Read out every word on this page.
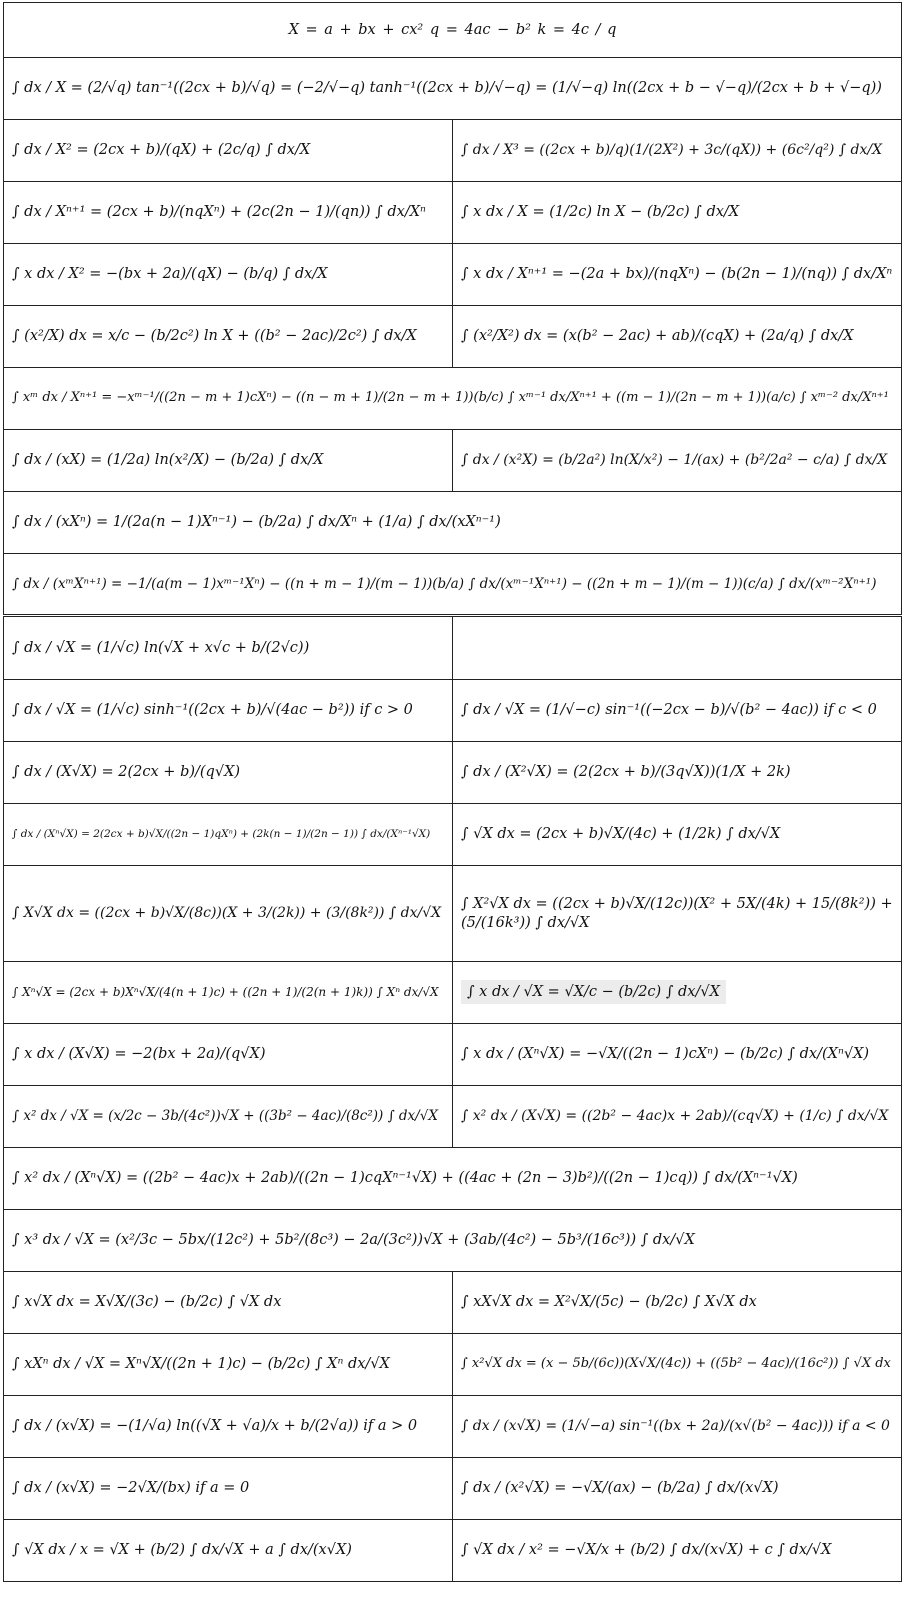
X = a + bx + cx² q = 4ac − b² k = 4c / q	
∫ dx / X = (2/√q) tan⁻¹((2cx + b)/√q) = (−2/√−q) tanh⁻¹((2cx + b)/√−q) = (1/√−q) ln((2cx + b − √−q)/(2cx + b + √−q))	
∫ dx / X² = (2cx + b)/(qX) + (2c/q) ∫ dx/X	∫ dx / X³ = ((2cx + b)/q)(1/(2X²) + 3c/(qX)) + (6c²/q²) ∫ dx/X
∫ dx / Xⁿ⁺¹ = (2cx + b)/(nqXⁿ) + (2c(2n − 1)/(qn)) ∫ dx/Xⁿ	∫ x dx / X = (1/2c) ln X − (b/2c) ∫ dx/X
∫ x dx / X² = −(bx + 2a)/(qX) − (b/q) ∫ dx/X	∫ x dx / Xⁿ⁺¹ = −(2a + bx)/(nqXⁿ) − (b(2n − 1)/(nq)) ∫ dx/Xⁿ
∫ (x²/X) dx = x/c − (b/2c²) ln X + ((b² − 2ac)/2c²) ∫ dx/X	∫ (x²/X²) dx = (x(b² − 2ac) + ab)/(cqX) + (2a/q) ∫ dx/X
∫ xᵐ dx / Xⁿ⁺¹ = −xᵐ⁻¹/((2n − m + 1)cXⁿ) − ((n − m + 1)/(2n − m + 1))(b/c) ∫ xᵐ⁻¹ dx/Xⁿ⁺¹ + ((m − 1)/(2n − m + 1))(a/c) ∫ xᵐ⁻² dx/Xⁿ⁺¹	
∫ dx / (xX) = (1/2a) ln(x²/X) − (b/2a) ∫ dx/X	∫ dx / (x²X) = (b/2a²) ln(X/x²) − 1/(ax) + (b²/2a² − c/a) ∫ dx/X
∫ dx / (xXⁿ) = 1/(2a(n − 1)Xⁿ⁻¹) − (b/2a) ∫ dx/Xⁿ + (1/a) ∫ dx/(xXⁿ⁻¹)	
∫ dx / (xᵐXⁿ⁺¹) = −1/(a(m − 1)xᵐ⁻¹Xⁿ) − ((n + m − 1)/(m − 1))(b/a) ∫ dx/(xᵐ⁻¹Xⁿ⁺¹) − ((2n + m − 1)/(m − 1))(c/a) ∫ dx/(xᵐ⁻²Xⁿ⁺¹)	
∫ dx / √X = (1/√c) ln(√X + x√c + b/(2√c))	
∫ dx / √X = (1/√c) sinh⁻¹((2cx + b)/√(4ac − b²)) if c > 0	∫ dx / √X = (1/√−c) sin⁻¹((−2cx − b)/√(b² − 4ac)) if c < 0
∫ dx / (X√X) = 2(2cx + b)/(q√X)	∫ dx / (X²√X) = (2(2cx + b)/(3q√X))(1/X + 2k)
∫ dx / (Xⁿ√X) = 2(2cx + b)√X/((2n − 1)qXⁿ) + (2k(n − 1)/(2n − 1)) ∫ dx/(Xⁿ⁻¹√X)	∫ √X dx = (2cx + b)√X/(4c) + (1/2k) ∫ dx/√X
∫ X√X dx = ((2cx + b)√X/(8c))(X + 3/(2k)) + (3/(8k²)) ∫ dx/√X	∫ X²√X dx = ((2cx + b)√X/(12c))(X² + 5X/(4k) + 15/(8k²)) + (5/(16k³)) ∫ dx/√X

∫ Xⁿ√X = (2cx + b)Xⁿ√X/(4(n + 1)c) + ((2n + 1)/(2(n + 1)k)) ∫ Xⁿ dx/√X	∫ x dx / √X = √X/c − (b/2c) ∫ dx/√X
∫ x dx / (X√X) = −2(bx + 2a)/(q√X)	∫ x dx / (Xⁿ√X) = −√X/((2n − 1)cXⁿ) − (b/2c) ∫ dx/(Xⁿ√X)
∫ x² dx / √X = (x/2c − 3b/(4c²))√X + ((3b² − 4ac)/(8c²)) ∫ dx/√X	∫ x² dx / (X√X) = ((2b² − 4ac)x + 2ab)/(cq√X) + (1/c) ∫ dx/√X
∫ x² dx / (Xⁿ√X) = ((2b² − 4ac)x + 2ab)/((2n − 1)cqXⁿ⁻¹√X) + ((4ac + (2n − 3)b²)/((2n − 1)cq)) ∫ dx/(Xⁿ⁻¹√X)	
∫ x³ dx / √X = (x²/3c − 5bx/(12c²) + 5b²/(8c³) − 2a/(3c²))√X + (3ab/(4c²) − 5b³/(16c³)) ∫ dx/√X	
∫ x√X dx = X√X/(3c) − (b/2c) ∫ √X dx	∫ xX√X dx = X²√X/(5c) − (b/2c) ∫ X√X dx
∫ xXⁿ dx / √X = Xⁿ√X/((2n + 1)c) − (b/2c) ∫ Xⁿ dx/√X	∫ x²√X dx = (x − 5b/(6c))(X√X/(4c)) + ((5b² − 4ac)/(16c²)) ∫ √X dx
∫ dx / (x√X) = −(1/√a) ln((√X + √a)/x + b/(2√a)) if a > 0	∫ dx / (x√X) = (1/√−a) sin⁻¹((bx + 2a)/(x√(b² − 4ac))) if a < 0
∫ dx / (x√X) = −2√X/(bx) if a = 0	∫ dx / (x²√X) = −√X/(ax) − (b/2a) ∫ dx/(x√X)
∫ √X dx / x = √X + (b/2) ∫ dx/√X + a ∫ dx/(x√X)	∫ √X dx / x² = −√X/x + (b/2) ∫ dx/(x√X) + c ∫ dx/√X
